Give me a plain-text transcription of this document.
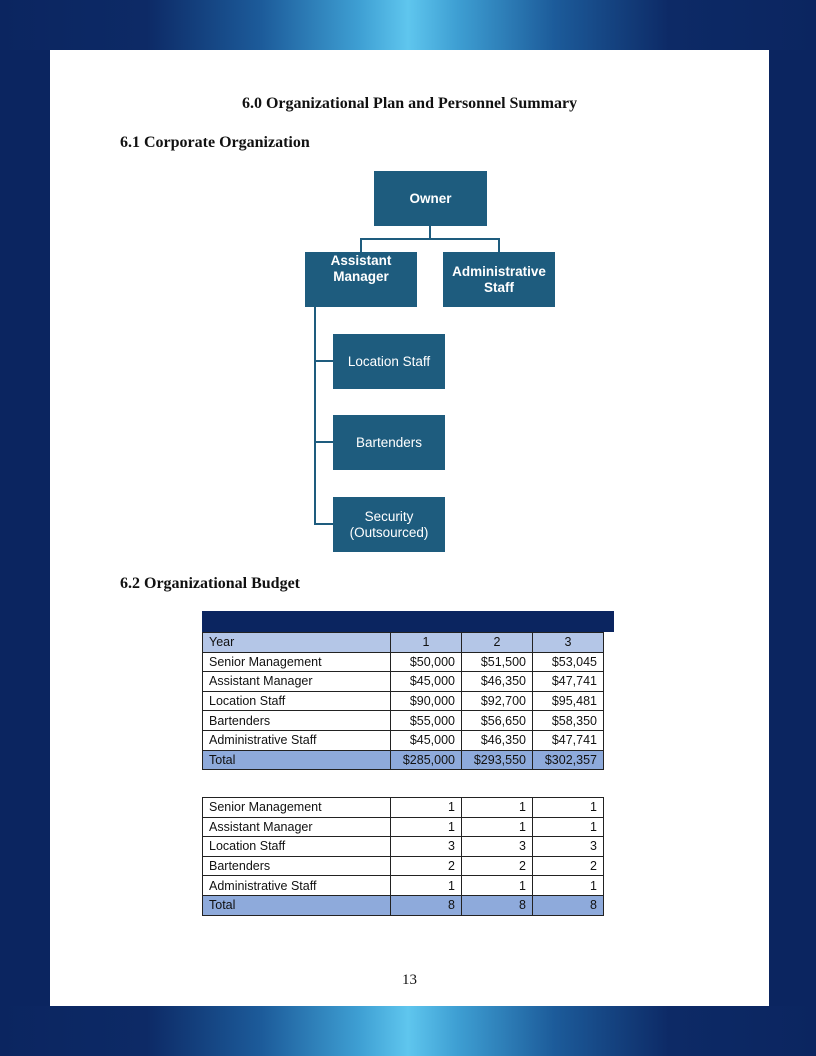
6.0 Organizational Plan and Personnel Summary
6.1 Corporate Organization
Owner
Assistant Manager	Administrative Staff
Location Staff
Bartenders
Security (Outsourced)
6.2 Organizational Budget
Year	1	2	3
Senior Management	$50,000	$51,500	$53,045
Assistant Manager	$45,000	$46,350	$47,741
Location Staff	$90,000	$92,700	$95,481
Bartenders	$55,000	$56,650	$58,350
Administrative Staff	$45,000	$46,350	$47,741
Total	$285,000	$293,550	$302,357
Senior Management	1	1	1
Assistant Manager	1	1	1
Location Staff	3	3	3
Bartenders	2	2	2
Administrative Staff	1	1	1
Total	8	8	8
13
